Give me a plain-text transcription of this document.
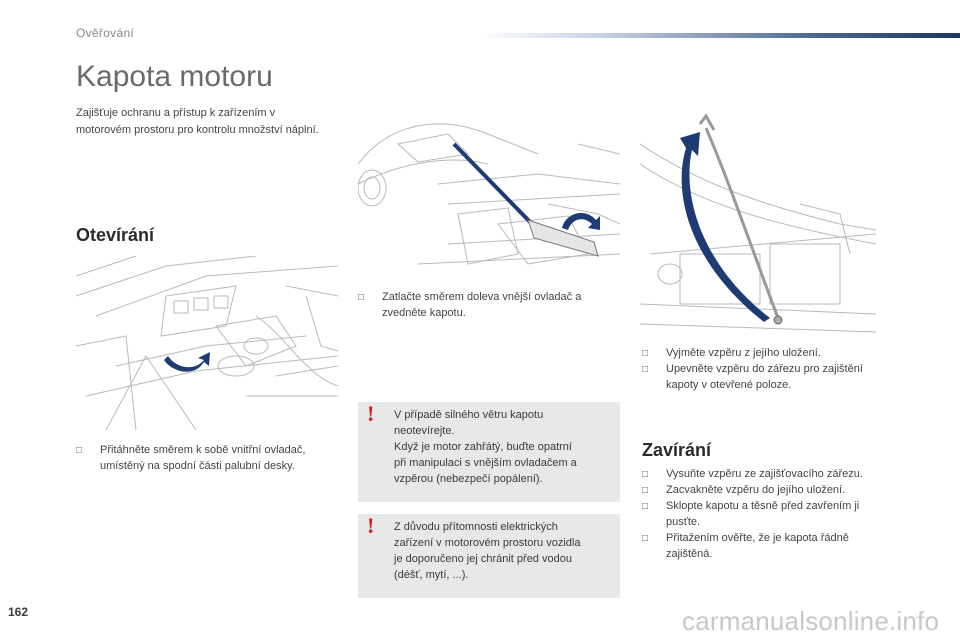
Ověřování
Kapota motoru
Zajišťuje ochranu a přístup k zařízením v motorovém prostoru pro kontrolu množství náplní.
Otevírání
□ Přitáhněte směrem k sobě vnitřní ovladač, umístěný na spodní části palubní desky.
□ Zatlačte směrem doleva vnější ovladač a zvedněte kapotu.
□ Vyjměte vzpěru z jejího uložení.
□ Upevněte vzpěru do zářezu pro zajištění kapoty v otevřené poloze.
! V případě silného větru kapotu
neotevírejte.
Když je motor zahřátý, buďte opatrní
při manipulaci s vnějším ovladačem a
vzpěrou (nebezpečí popálení).
! Z důvodu přítomnosti elektrických
zařízení v motorovém prostoru vozidla
je doporučeno jej chránit před vodou
(déšť, mytí, ...).
Zavírání
□ Vysuňte vzpěru ze zajišťovacího zářezu.
□ Zacvakněte vzpěru do jejího uložení.
□ Sklopte kapotu a těsně před zavřením ji pusťte.
□ Přitažením ověřte, že je kapota řádně zajištěná.
162	carmanualsonline.info
